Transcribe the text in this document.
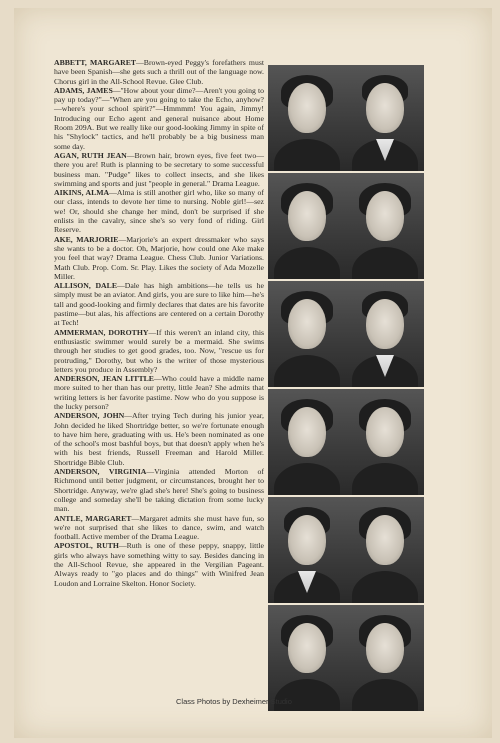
ABBETT, MARGARET—Brown-eyed Peggy's forefathers must have been Spanish—she gets such a thrill out of the language now. Chorus girl in the All-School Revue. Glee Club.

ADAMS, JAMES—"How about your dime?—Aren't you going to pay up today?"—"When are you going to take the Echo, anyhow?—where's your school spirit?"—Hmmmm! You again, Jimmy! Introducing our Echo agent and general nuisance about Home Room 209A. But we really like our good-looking Jimmy in spite of his "Shylock" tactics, and he'll probably be a big business man some day.

AGAN, RUTH JEAN—Brown hair, brown eyes, five feet two—there you are! Ruth is planning to be secretary to some successful business man. "Pudge" likes to collect insects, and she likes swimming and sports and just "people in general." Drama League.

AIKINS, ALMA—Alma is still another girl who, like so many of our class, intends to devote her time to nursing. Noble girl!—sez we! Or, should she change her mind, don't be surprised if she enlists in the cavalry, since she's so very fond of riding. Girl Reserve.

AKE, MARJORIE—Marjorie's an expert dressmaker who says she wants to be a doctor. Oh, Marjorie, how could one Ake make you feel that way? Drama League. Chess Club. Junior Variations. Math Club. Prop. Com. Sr. Play. Likes the society of Ada Mozelle Miller.

ALLISON, DALE—Dale has high ambitions—he tells us he simply must be an aviator. And girls, you are sure to like him—he's tall and good-looking and firmly declares that dates are his favorite pastime—but alas, his affections are centered on a certain Dorothy at Tech!

AMMERMAN, DOROTHY—If this weren't an inland city, this enthusiastic swimmer would surely be a mermaid. She swims through her studies to get good grades, too. Now, "rescue us for protruding," Dorothy, but who is the writer of those mysterious letters you produce in Assembly?

ANDERSON, JEAN LITTLE—Who could have a middle name more suited to her than has our pretty, little Jean? She admits that writing letters is her favorite pastime. Now who do you suppose is the lucky person?

ANDERSON, JOHN—After trying Tech during his junior year, John decided he liked Shortridge better, so we're fortunate enough to have him here, graduating with us. He's been nominated as one of the school's most bashful boys, but that doesn't apply when he's with his best friends, Russell Freeman and Harold Miller. Shortridge Bible Club.

ANDERSON, VIRGINIA—Virginia attended Morton of Richmond until better judgment, or circumstances, brought her to Shortridge. Anyway, we're glad she's here! She's going to business college and someday she'll be taking dictation from some lucky man.

ANTLE, MARGARET—Margaret admits she must have fun, so we're not surprised that she likes to dance, swim, and watch football. Active member of the Drama League.

APOSTOL, RUTH—Ruth is one of these peppy, snappy, little girls who always have something witty to say. Besides dancing in the All-School Revue, she appeared in the Vergilian Pageant. Always ready to "go places and do things" with Winifred Jean Loudon and Lorraine Skelton. Honor Society.

Class Photos by Dexheimer Studio
